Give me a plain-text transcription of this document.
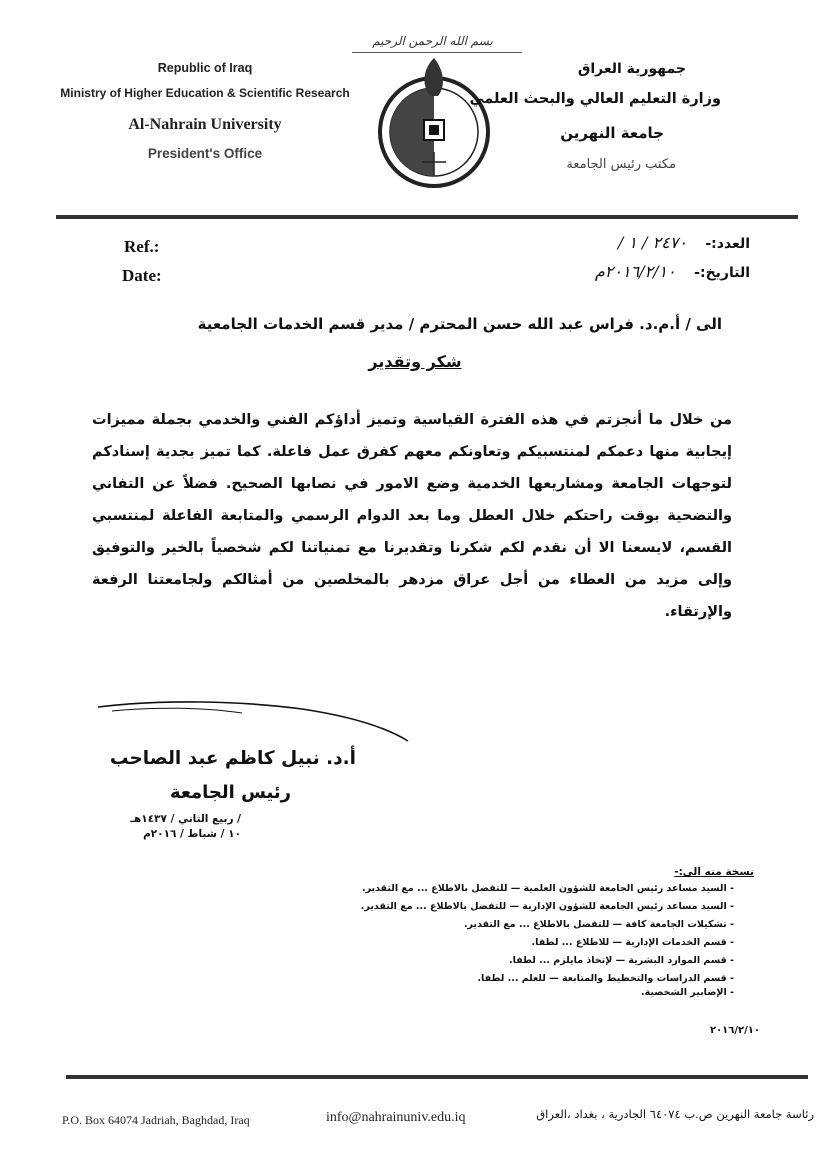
بسم الله الرحمن الرحيم
Republic of Iraq
Ministry of Higher Education & Scientific Research
Al-Nahrain University
President's Office
جمهورية العراق
وزارة التعليم العالي والبحث العلمي
جامعة النهرين
مكتب رئيس الجامعة
Ref.:
Date:
العدد:- ٢٤٧٠ / ١ /
التاريخ:- ٢٠١٦/٢/١٠م
الى / أ.م.د. فراس عبد الله حسن المحترم / مدير قسم الخدمات الجامعية
شكر وتقدير
من خلال ما أنجزتم في هذه الفترة القياسية وتميز أداؤكم الفني والخدمي بجملة مميزات إيجابية منها دعمكم لمنتسبيكم وتعاونكم معهم كفرق عمل فاعلة. كما تميز بجدية إسنادكم لتوجهات الجامعة ومشاريعها الخدمية وضع الامور في نصابها الصحيح. فضلاً عن التفاني والتضحية بوقت راحتكم خلال العطل وما بعد الدوام الرسمي والمتابعة الفاعلة لمنتسبي القسم، لايسعنا الا أن نقدم لكم شكرنا وتقديرنا مع تمنياتنا لكم شخصياً بالخير والتوفيق وإلى مزيد من العطاء من أجل عراق مزدهر بالمخلصين من أمثالكم ولجامعتنا الرفعة والإرتقاء.
أ.د. نبيل كاظم عبد الصاحب
رئيس الجامعة
/ ربيع الثاني / ١٤٣٧هـ
١٠ / شباط / ٢٠١٦م
نسخة منه الى:-
- السيد مساعد رئيس الجامعة للشؤون العلمية — للتفضل بالاطلاع ... مع التقدير.
- السيد مساعد رئيس الجامعة للشؤون الإدارية — للتفضل بالاطلاع ... مع التقدير.
- تشكيلات الجامعة كافة — للتفضل بالاطلاع ... مع التقدير.
- قسم الخدمات الإدارية — للاطلاع ... لطفا.
- قسم الموارد البشرية — لإتخاذ مايلزم ... لطفا.
- قسم الدراسات والتخطيط والمتابعة — للعلم ... لطفا.
- الإضابير الشخصية.
٢٠١٦/٢/١٠
P.O. Box 64074 Jadriah, Baghdad, Iraq	info@nahrainuniv.edu.iq	رئاسة جامعة النهرين ص.ب ٦٤٠٧٤ الجادرية ، بغداد ،العراق
